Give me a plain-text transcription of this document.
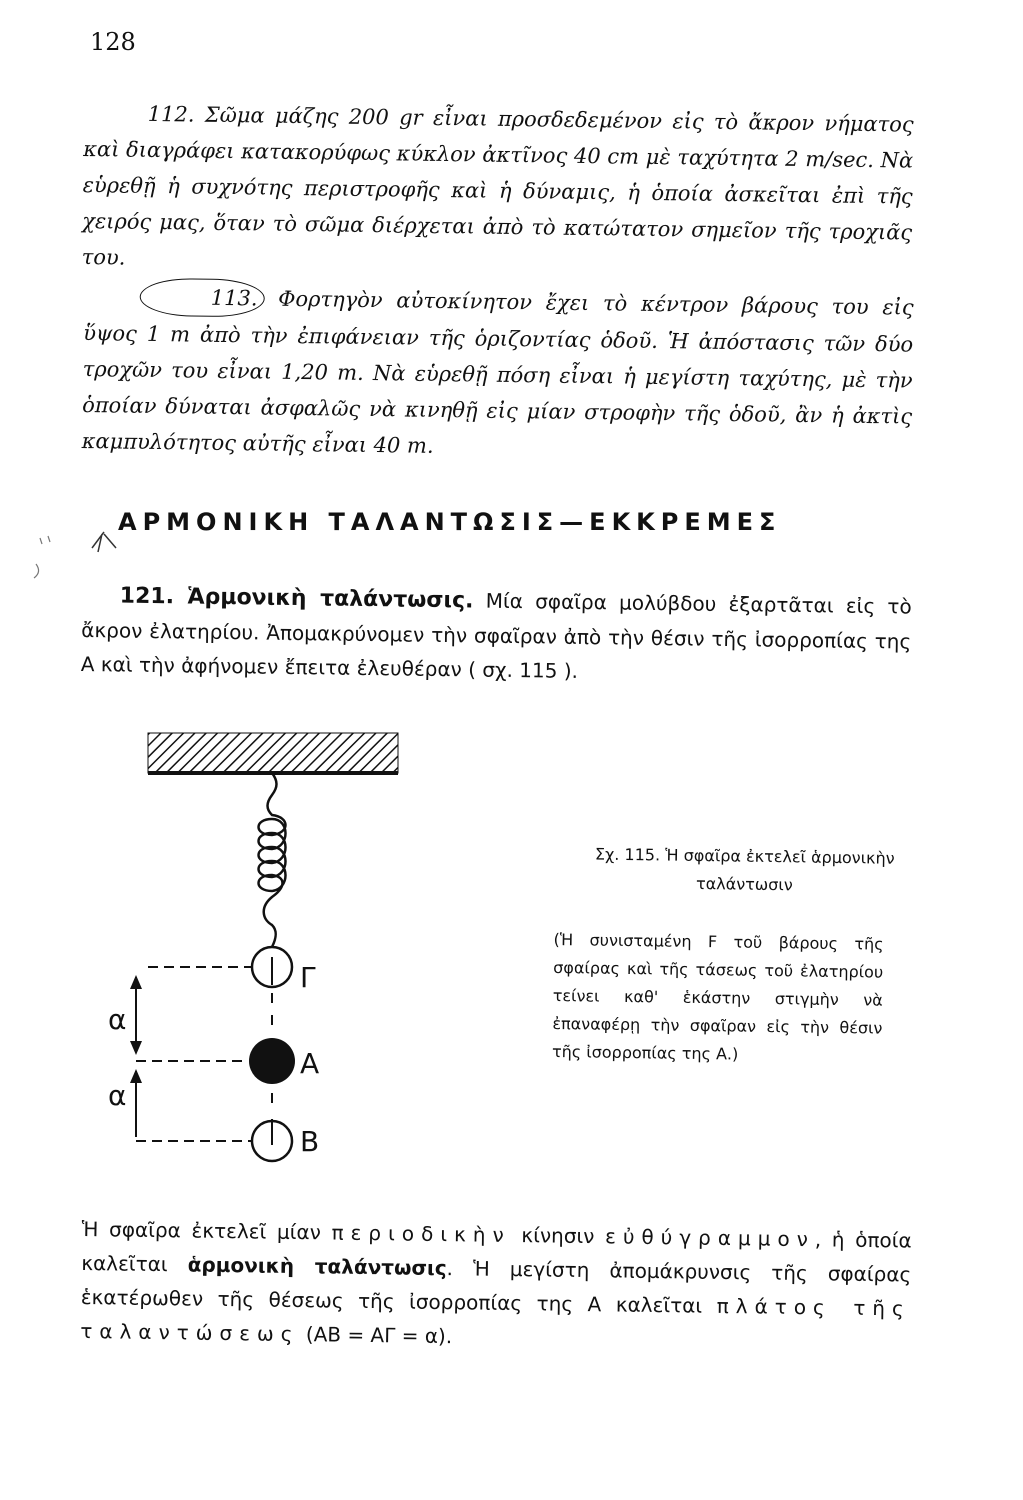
128
112. Σῶμα μάζης 200 gr εἶναι προσδεδεμένον εἰς τὸ ἄκρον νήματος καὶ διαγράφει κατακορύφως κύκλον ἀκτῖνος 40 cm μὲ ταχύτητα 2 m/sec. Νὰ εὑρεθῇ ἡ συχνότης περιστροφῆς καὶ ἡ δύναμις, ἡ ὁποία ἀσκεῖται ἐπὶ τῆς χειρός μας, ὅταν τὸ σῶμα διέρχεται ἀπὸ τὸ κατώτατον σημεῖον τῆς τροχιᾶς του.
113. Φορτηγὸν αὐτοκίνητον ἔχει τὸ κέντρον βάρους του εἰς ὕψος 1 m ἀπὸ τὴν ἐπιφάνειαν τῆς ὁριζοντίας ὁδοῦ. Ἡ ἀπόστασις τῶν δύο τροχῶν του εἶναι 1,20 m. Νὰ εὑρεθῇ πόση εἶναι ἡ μεγίστη ταχύτης, μὲ τὴν ὁποίαν δύναται ἀσφαλῶς νὰ κινηθῇ εἰς μίαν στροφὴν τῆς ὁδοῦ, ἂν ἡ ἀκτὶς καμπυλότητος αὐτῆς εἶναι 40 m.
ΑΡΜΟΝΙΚΗ ΤΑΛΑΝΤΩΣΙΣ—ΕΚΚΡΕΜΕΣ
121. Ἁρμονικὴ ταλάντωσις. Μία σφαῖρα μολύβδου ἐξαρτᾶται εἰς τὸ ἄκρον ἐλατηρίου. Ἀπομακρύνομεν τὴν σφαῖραν ἀπὸ τὴν θέσιν τῆς ἰσορροπίας της Α καὶ τὴν ἀφήνομεν ἔπειτα ἐλευθέραν ( σχ. 115 ).
Γ
Α
Β
α
α
Σχ. 115. Ἡ σφαῖρα ἐκτελεῖ ἁρμονικὴν ταλάντωσιν
(Ἡ συνισταμένη F τοῦ βάρους τῆς σφαίρας καὶ τῆς τάσεως τοῦ ἐλατηρίου τείνει καθ' ἑκάστην στιγμὴν νὰ ἐπαναφέρῃ τὴν σφαῖραν εἰς τὴν θέσιν τῆς ἰσορροπίας της Α.)
Ἡ σφαῖρα ἐκτελεῖ μίαν περιοδικὴν κίνησιν εὐθύγραμμον, ἡ ὁποία καλεῖται ἁρμονικὴ ταλάντωσις. Ἡ μεγίστη ἀπομάκρυνσις τῆς σφαίρας ἑκατέρωθεν τῆς θέσεως τῆς ἰσορροπίας της Α καλεῖται πλάτος τῆς ταλαντώσεως (ΑΒ = ΑΓ = α).
